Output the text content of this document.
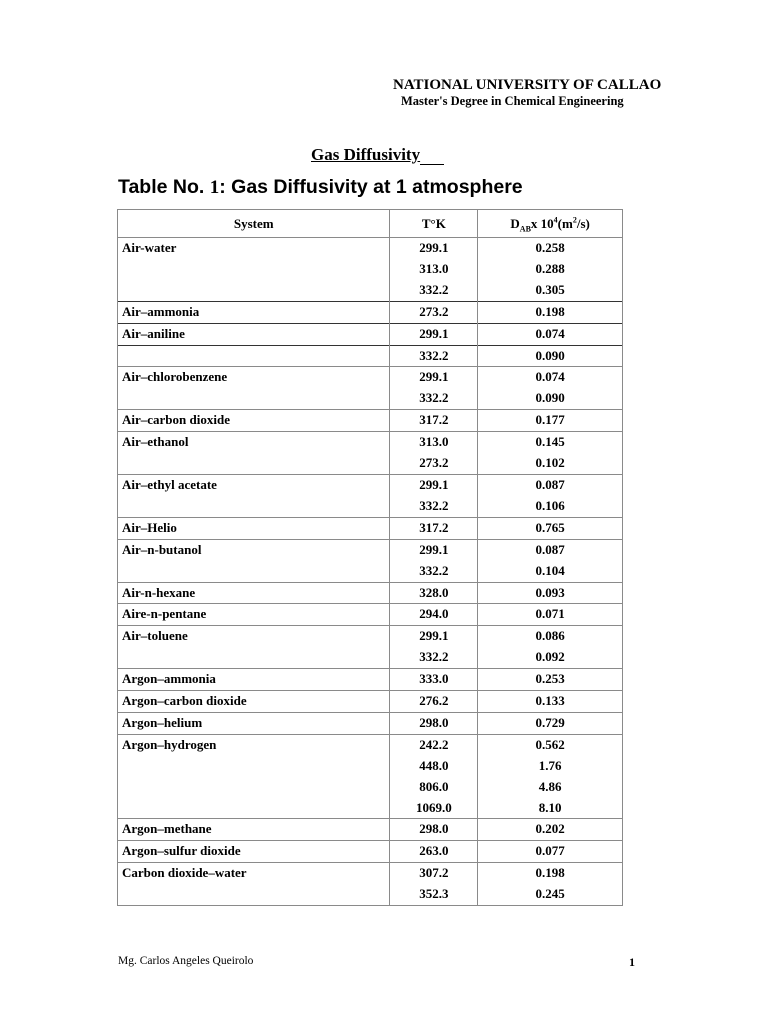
NATIONAL UNIVERSITY OF CALLAO
Master's Degree in Chemical Engineering
Gas Diffusivity
Table No. 1: Gas Diffusivity at 1 atmosphere
System	T°K	$D_{AB}x$ $10^4(m^2/s)$
Air-water	299.1	0.258
	313.0	0.288
	332.2	0.305
Air–ammonia	273.2	0.198
Air–aniline	299.1	0.074
	332.2	0.090
Air–chlorobenzene	299.1	0.074
	332.2	0.090
Air–carbon dioxide	317.2	0.177
Air–ethanol	313.0	0.145
	273.2	0.102
Air–ethyl acetate	299.1	0.087
	332.2	0.106
Air–Helio	317.2	0.765
Air–n-butanol	299.1	0.087
	332.2	0.104
Air-n-hexane	328.0	0.093
Aire-n-pentane	294.0	0.071
Air–toluene	299.1	0.086
	332.2	0.092
Argon–ammonia	333.0	0.253
Argon–carbon dioxide	276.2	0.133
Argon–helium	298.0	0.729
Argon–hydrogen	242.2	0.562
	448.0	1.76
	806.0	4.86
	1069.0	8.10
Argon–methane	298.0	0.202
Argon–sulfur dioxide	263.0	0.077
Carbon dioxide–water	307.2	0.198
	352.3	0.245
Mg. Carlos Angeles Queirolo	1
